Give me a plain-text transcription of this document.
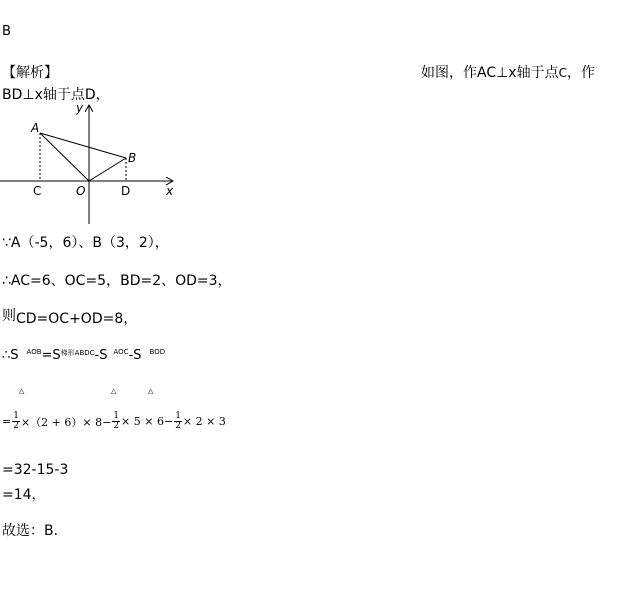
B
【解析】	如图，作AC⊥x轴于点C，作
BD⊥x轴于点D，
A
B
C	D
O	x
y
∵A（-5，6）、B（3，2），
∴AC=6、OC=5，BD=2、OD=3，
则CD=OC+OD=8，
∴S $^{AOB}=S^{梯形ABDC}-S$ $^{AOC}$-S $^{BOD}$
△	△	△
= $\frac{1}{2} \times(2 + 6)\times 8- \frac{1}{2} \times 5 \times 6- \frac{1}{2} \times 2 \times 3$
=32-15-3
=14，
故选：B．
